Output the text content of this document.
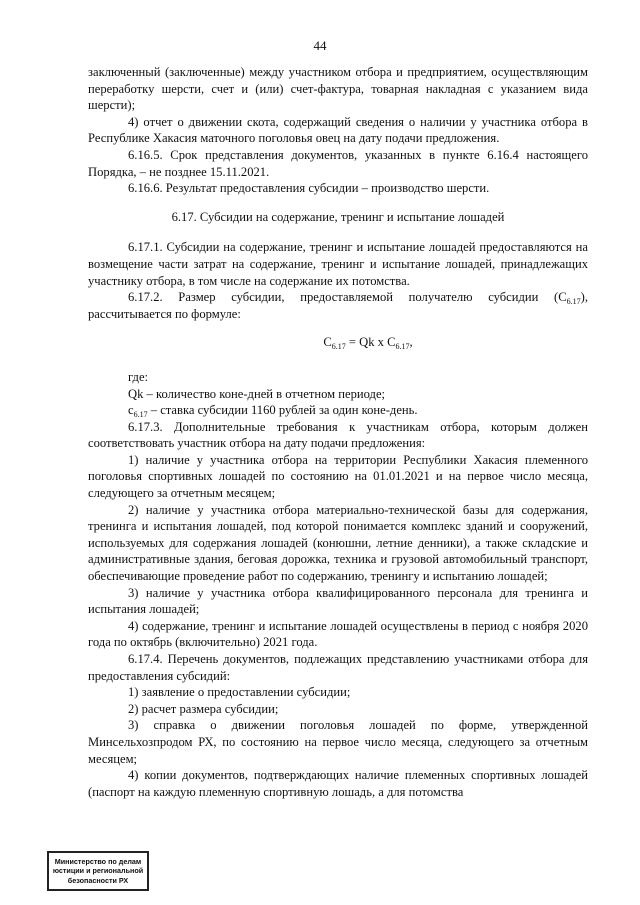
44

заключенный (заключенные) между участником отбора и предприятием, осуществляющим переработку шерсти, счет и (или) счет-фактура, товарная накладная с указанием вида шерсти);

4) отчет о движении скота, содержащий сведения о наличии у участника отбора в Республике Хакасия маточного поголовья овец на дату подачи предложения.

6.16.5. Срок представления документов, указанных в пункте 6.16.4 настоящего Порядка, – не позднее 15.11.2021.

6.16.6. Результат предоставления субсидии – производство шерсти.

6.17. Субсидии на содержание, тренинг и испытание лошадей

6.17.1. Субсидии на содержание, тренинг и испытание лошадей предоставляются на возмещение части затрат на содержание, тренинг и испытание лошадей, принадлежащих участнику отбора, в том числе на содержание их потомства.

6.17.2. Размер субсидии, предоставляемой получателю субсидии $(С_{6.17})$, рассчитывается по формуле:

$С_{6.17} = Qk$ х $С_{6.17}$,

где:

Qk – количество коне-дней в отчетном периоде;

$с_{6.17}$ – ставка субсидии 1160 рублей за один коне-день.

6.17.3. Дополнительные требования к участникам отбора, которым должен соответствовать участник отбора на дату подачи предложения:

1) наличие у участника отбора на территории Республики Хакасия племенного поголовья спортивных лошадей по состоянию на 01.01.2021 и на первое число месяца, следующего за отчетным месяцем;

2) наличие у участника отбора материально-технической базы для содержания, тренинга и испытания лошадей, под которой понимается комплекс зданий и сооружений, используемых для содержания лошадей (конюшни, летние денники), а также складские и административные здания, беговая дорожка, техника и грузовой автомобильный транспорт, обеспечивающие проведение работ по содержанию, тренингу и испытанию лошадей;

3) наличие у участника отбора квалифицированного персонала для тренинга и испытания лошадей;

4) содержание, тренинг и испытание лошадей осуществлены в период с ноября 2020 года по октябрь (включительно) 2021 года.

6.17.4. Перечень документов, подлежащих представлению участниками отбора для предоставления субсидий:

1) заявление о предоставлении субсидии;

2) расчет размера субсидии;

3) справка о движении поголовья лошадей по форме, утвержденной Минсельхозпродом РХ, по состоянию на первое число месяца, следующего за отчетным месяцем;

4) копии документов, подтверждающих наличие племенных спортивных лошадей (паспорт на каждую племенную спортивную лошадь, а для потомства

Министерство по делам
юстиции и региональной
безопасности РХ
